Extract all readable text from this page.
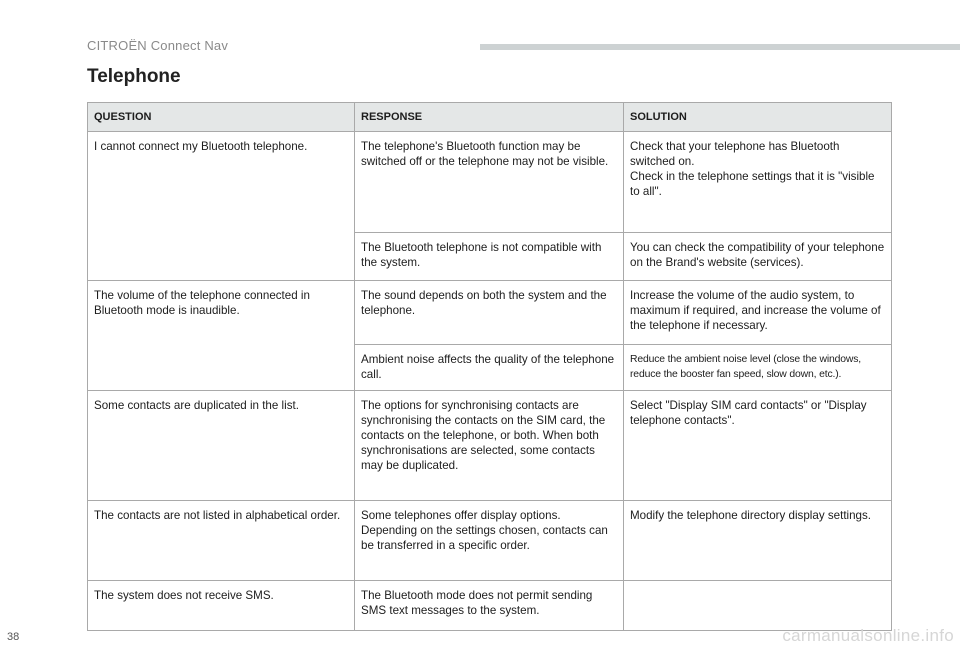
CITROËN Connect Nav
Telephone
QUESTION	RESPONSE	SOLUTION
I cannot connect my Bluetooth telephone.	The telephone's Bluetooth function may be switched off or the telephone may not be visible.	Check that your telephone has Bluetooth switched on.
Check in the telephone settings that it is "visible to all".
	The Bluetooth telephone is not compatible with the system.	You can check the compatibility of your telephone on the Brand's website (services).
The volume of the telephone connected in Bluetooth mode is inaudible.	The sound depends on both the system and the telephone.	Increase the volume of the audio system, to maximum if required, and increase the volume of the telephone if necessary.
	Ambient noise affects the quality of the telephone call.	Reduce the ambient noise level (close the windows, reduce the booster fan speed, slow down, etc.).
Some contacts are duplicated in the list.	The options for synchronising contacts are synchronising the contacts on the SIM card, the contacts on the telephone, or both. When both synchronisations are selected, some contacts may be duplicated.	Select "Display SIM card contacts" or "Display telephone contacts".
The contacts are not listed in alphabetical order.	Some telephones offer display options. Depending on the settings chosen, contacts can be transferred in a specific order.	Modify the telephone directory display settings.
The system does not receive SMS.	The Bluetooth mode does not permit sending SMS text messages to the system.	
38	carmanualsonline.info
